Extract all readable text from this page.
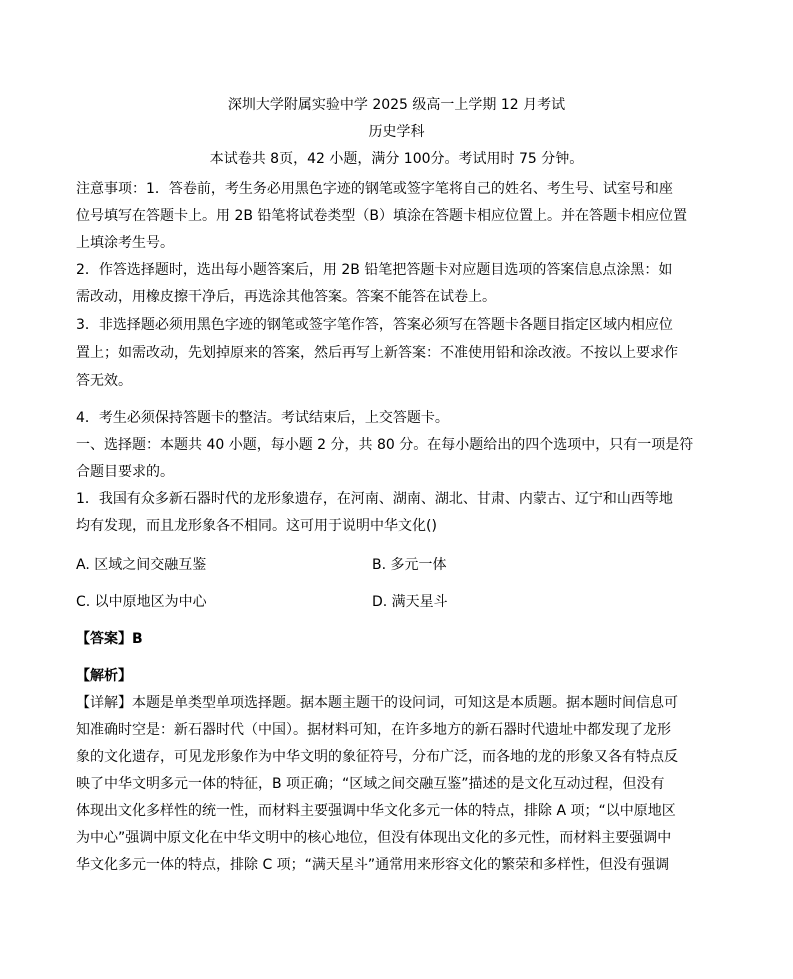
深圳大学附属实验中学 2025 级高一上学期 12 月考试
历史学科
本试卷共 8页，42 小题，满分 100分。考试用时 75 分钟。
注意事项：1．答卷前，考生务必用黑色字迹的钢笔或签字笔将自己的姓名、考生号、试室号和座
位号填写在答题卡上。用 2B 铅笔将试卷类型（B）填涂在答题卡相应位置上。并在答题卡相应位置
上填涂考生号。
2．作答选择题时，选出每小题答案后，用 2B 铅笔把答题卡对应题目选项的答案信息点涂黑：如
需改动，用橡皮擦干净后，再选涂其他答案。答案不能答在试卷上。
3．非选择题必须用黑色字迹的钢笔或签字笔作答，答案必须写在答题卡各题目指定区域内相应位
置上；如需改动，先划掉原来的答案，然后再写上新答案：不准使用铅和涂改液。不按以上要求作
答无效。
4．考生必须保持答题卡的整洁。考试结束后，上交答题卡。
一、选择题：本题共 40 小题，每小题 2 分，共 80 分。在每小题给出的四个选项中，只有一项是符
合题目要求的。
1．我国有众多新石器时代的龙形象遗存，在河南、湖南、湖北、甘肃、内蒙古、辽宁和山西等地
均有发现，而且龙形象各不相同。这可用于说明中华文化()
A. 区域之间交融互鉴	B. 多元一体
C. 以中原地区为中心	D. 满天星斗
【答案】B
【解析】
【详解】本题是单类型单项选择题。据本题主题干的设问词，可知这是本质题。据本题时间信息可
知准确时空是：新石器时代（中国）。据材料可知，在许多地方的新石器时代遗址中都发现了龙形
象的文化遗存，可见龙形象作为中华文明的象征符号，分布广泛，而各地的龙的形象又各有特点反
映了中华文明多元一体的特征，B 项正确；“区域之间交融互鉴”描述的是文化互动过程，但没有
体现出文化多样性的统一性，而材料主要强调中华文化多元一体的特点，排除 A 项；“以中原地区
为中心”强调中原文化在中华文明中的核心地位，但没有体现出文化的多元性，而材料主要强调中
华文化多元一体的特点，排除 C 项；“满天星斗”通常用来形容文化的繁荣和多样性，但没有强调
